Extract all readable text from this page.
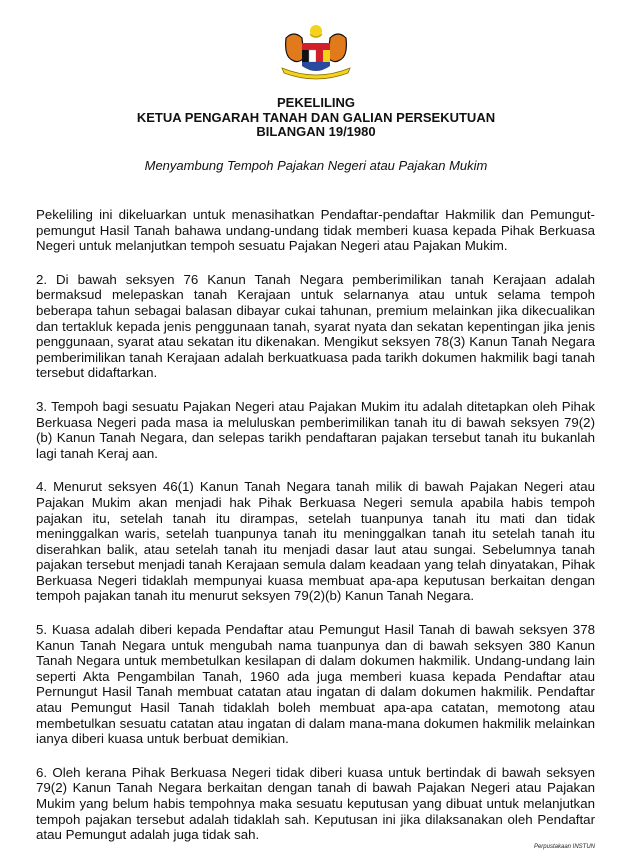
PEKELILING
KETUA PENGARAH TANAH DAN GALIAN PERSEKUTUAN
BILANGAN 19/1980
Menyambung Tempoh Pajakan Negeri atau Pajakan Mukim

Pekeliling ini dikeluarkan untuk menasihatkan Pendaftar-pendaftar Hakmilik dan Pemungut-pemungut Hasil Tanah bahawa undang-undang tidak memberi kuasa kepada Pihak Berkuasa Negeri untuk melanjutkan tempoh sesuatu Pajakan Negeri atau Pajakan Mukim.

2. Di bawah seksyen 76 Kanun Tanah Negara pemberimilikan tanah Kerajaan adalah bermaksud melepaskan tanah Kerajaan untuk selarnanya atau untuk selama tempoh beberapa tahun sebagai balasan dibayar cukai tahunan, premium melainkan jika dikecualikan dan tertakluk kepada jenis penggunaan tanah, syarat nyata dan sekatan kepentingan jika jenis penggunaan, syarat atau sekatan itu dikenakan. Mengikut seksyen 78(3) Kanun Tanah Negara pemberimilikan tanah Kerajaan adalah berkuatkuasa pada tarikh dokumen hakmilik bagi tanah tersebut didaftarkan.

3. Tempoh bagi sesuatu Pajakan Negeri atau Pajakan Mukim itu adalah ditetapkan oleh Pihak Berkuasa Negeri pada masa ia meluluskan pemberimilikan tanah itu di bawah seksyen 79(2)(b) Kanun Tanah Negara, dan selepas tarikh pendaftaran pajakan tersebut tanah itu bukanlah lagi tanah Keraj aan.

4. Menurut seksyen 46(1) Kanun Tanah Negara tanah milik di bawah Pajakan Negeri atau Pajakan Mukim akan menjadi hak Pihak Berkuasa Negeri semula apabila habis tempoh pajakan itu, setelah tanah itu dirampas, setelah tuanpunya tanah itu mati dan tidak meninggalkan waris, setelah tuanpunya tanah itu meninggalkan tanah itu setelah tanah itu diserahkan balik, atau setelah tanah itu menjadi dasar laut atau sungai. Sebelumnya tanah pajakan tersebut menjadi tanah Kerajaan semula dalam keadaan yang telah dinyatakan, Pihak Berkuasa Negeri tidaklah mempunyai kuasa membuat apa-apa keputusan berkaitan dengan tempoh pajakan tanah itu menurut seksyen 79(2)(b) Kanun Tanah Negara.

5. Kuasa adalah diberi kepada Pendaftar atau Pemungut Hasil Tanah di bawah seksyen 378 Kanun Tanah Negara untuk mengubah nama tuanpunya dan di bawah seksyen 380 Kanun Tanah Negara untuk membetulkan kesilapan di dalam dokumen hakmilik. Undang-undang lain seperti Akta Pengambilan Tanah, 1960 ada juga memberi kuasa kepada Pendaftar atau Pernungut Hasil Tanah membuat catatan atau ingatan di dalam dokumen hakmilik. Pendaftar atau Pemungut Hasil Tanah tidaklah boleh membuat apa-apa catatan, memotong atau membetulkan sesuatu catatan atau ingatan di dalam mana-mana dokumen hakmilik melainkan ianya diberi kuasa untuk berbuat demikian.

6. Oleh kerana Pihak Berkuasa Negeri tidak diberi kuasa untuk bertindak di bawah seksyen 79(2) Kanun Tanah Negara berkaitan dengan tanah di bawah Pajakan Negeri atau Pajakan Mukim yang belum habis tempohnya maka sesuatu keputusan yang dibuat untuk melanjutkan tempoh pajakan tersebut adalah tidaklah sah. Keputusan ini jika dilaksanakan oleh Pendaftar atau Pemungut adalah juga tidak sah.

Perpustakaan INSTUN
